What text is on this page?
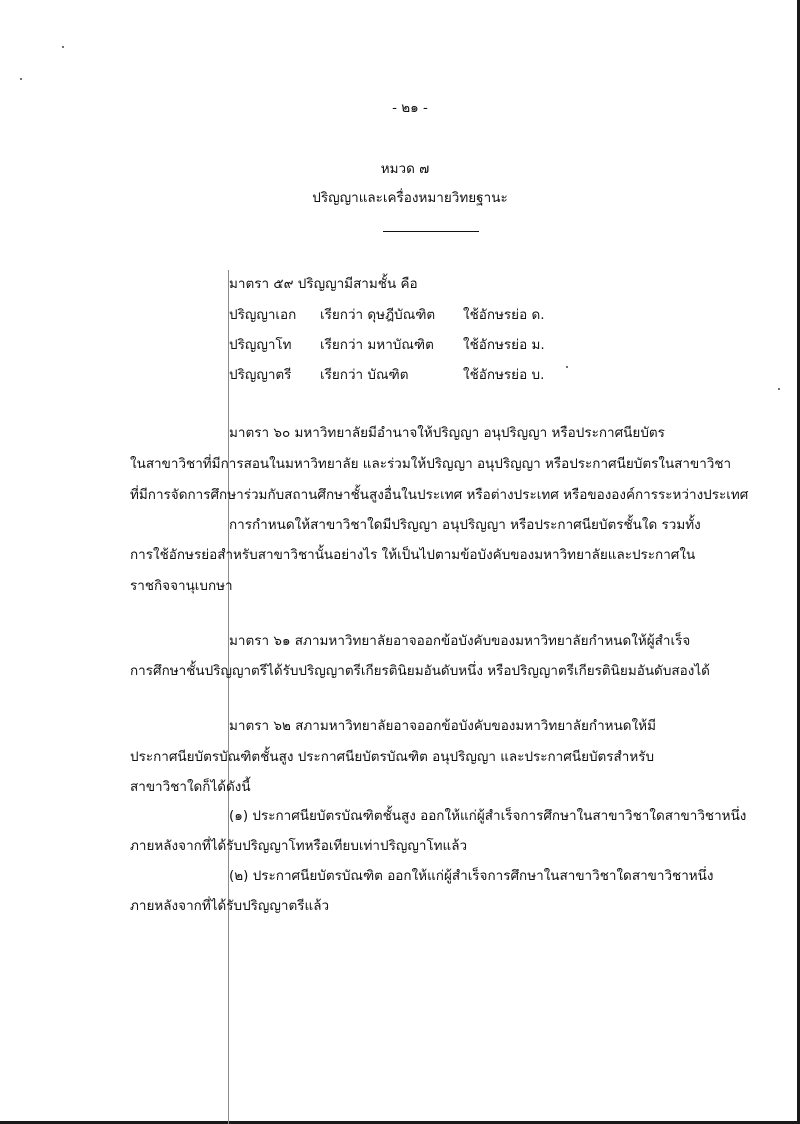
- ๒๑ -
หมวด ๗
ปริญญาและเครื่องหมายวิทยฐานะ
มาตรา ๕๙ ปริญญามีสามชั้น คือ
ปริญญาเอก เรียกว่า ดุษฎีบัณฑิต ใช้อักษรย่อ ด.
ปริญญาโท เรียกว่า มหาบัณฑิต ใช้อักษรย่อ ม.
ปริญญาตรี เรียกว่า บัณฑิต	ใช้อักษรย่อ บ.
มาตรา ๖๐ มหาวิทยาลัยมีอำนาจให้ปริญญา อนุปริญญา หรือประกาศนียบัตร
ในสาขาวิชาที่มีการสอนในมหาวิทยาลัย และร่วมให้ปริญญา อนุปริญญา หรือประกาศนียบัตรในสาขาวิชา
ที่มีการจัดการศึกษาร่วมกับสถานศึกษาชั้นสูงอื่นในประเทศ หรือต่างประเทศ หรือขององค์การระหว่างประเทศ
การกำหนดให้สาขาวิชาใดมีปริญญา อนุปริญญา หรือประกาศนียบัตรชั้นใด รวมทั้ง
การใช้อักษรย่อสำหรับสาขาวิชานั้นอย่างไร ให้เป็นไปตามข้อบังคับของมหาวิทยาลัยและประกาศใน
ราชกิจจานุเบกษา
มาตรา ๖๑ สภามหาวิทยาลัยอาจออกข้อบังคับของมหาวิทยาลัยกำหนดให้ผู้สำเร็จ
การศึกษาชั้นปริญญาตรีได้รับปริญญาตรีเกียรตินิยมอันดับหนึ่ง หรือปริญญาตรีเกียรตินิยมอันดับสองได้
มาตรา ๖๒ สภามหาวิทยาลัยอาจออกข้อบังคับของมหาวิทยาลัยกำหนดให้มี
ประกาศนียบัตรบัณฑิตชั้นสูง ประกาศนียบัตรบัณฑิต อนุปริญญา และประกาศนียบัตรสำหรับ
สาขาวิชาใดก็ได้ดังนี้
(๑) ประกาศนียบัตรบัณฑิตชั้นสูง ออกให้แก่ผู้สำเร็จการศึกษาในสาขาวิชาใดสาขาวิชาหนึ่ง
ภายหลังจากที่ได้รับปริญญาโทหรือเทียบเท่าปริญญาโทแล้ว
(๒) ประกาศนียบัตรบัณฑิต ออกให้แก่ผู้สำเร็จการศึกษาในสาขาวิชาใดสาขาวิชาหนึ่ง
ภายหลังจากที่ได้รับปริญญาตรีแล้ว
